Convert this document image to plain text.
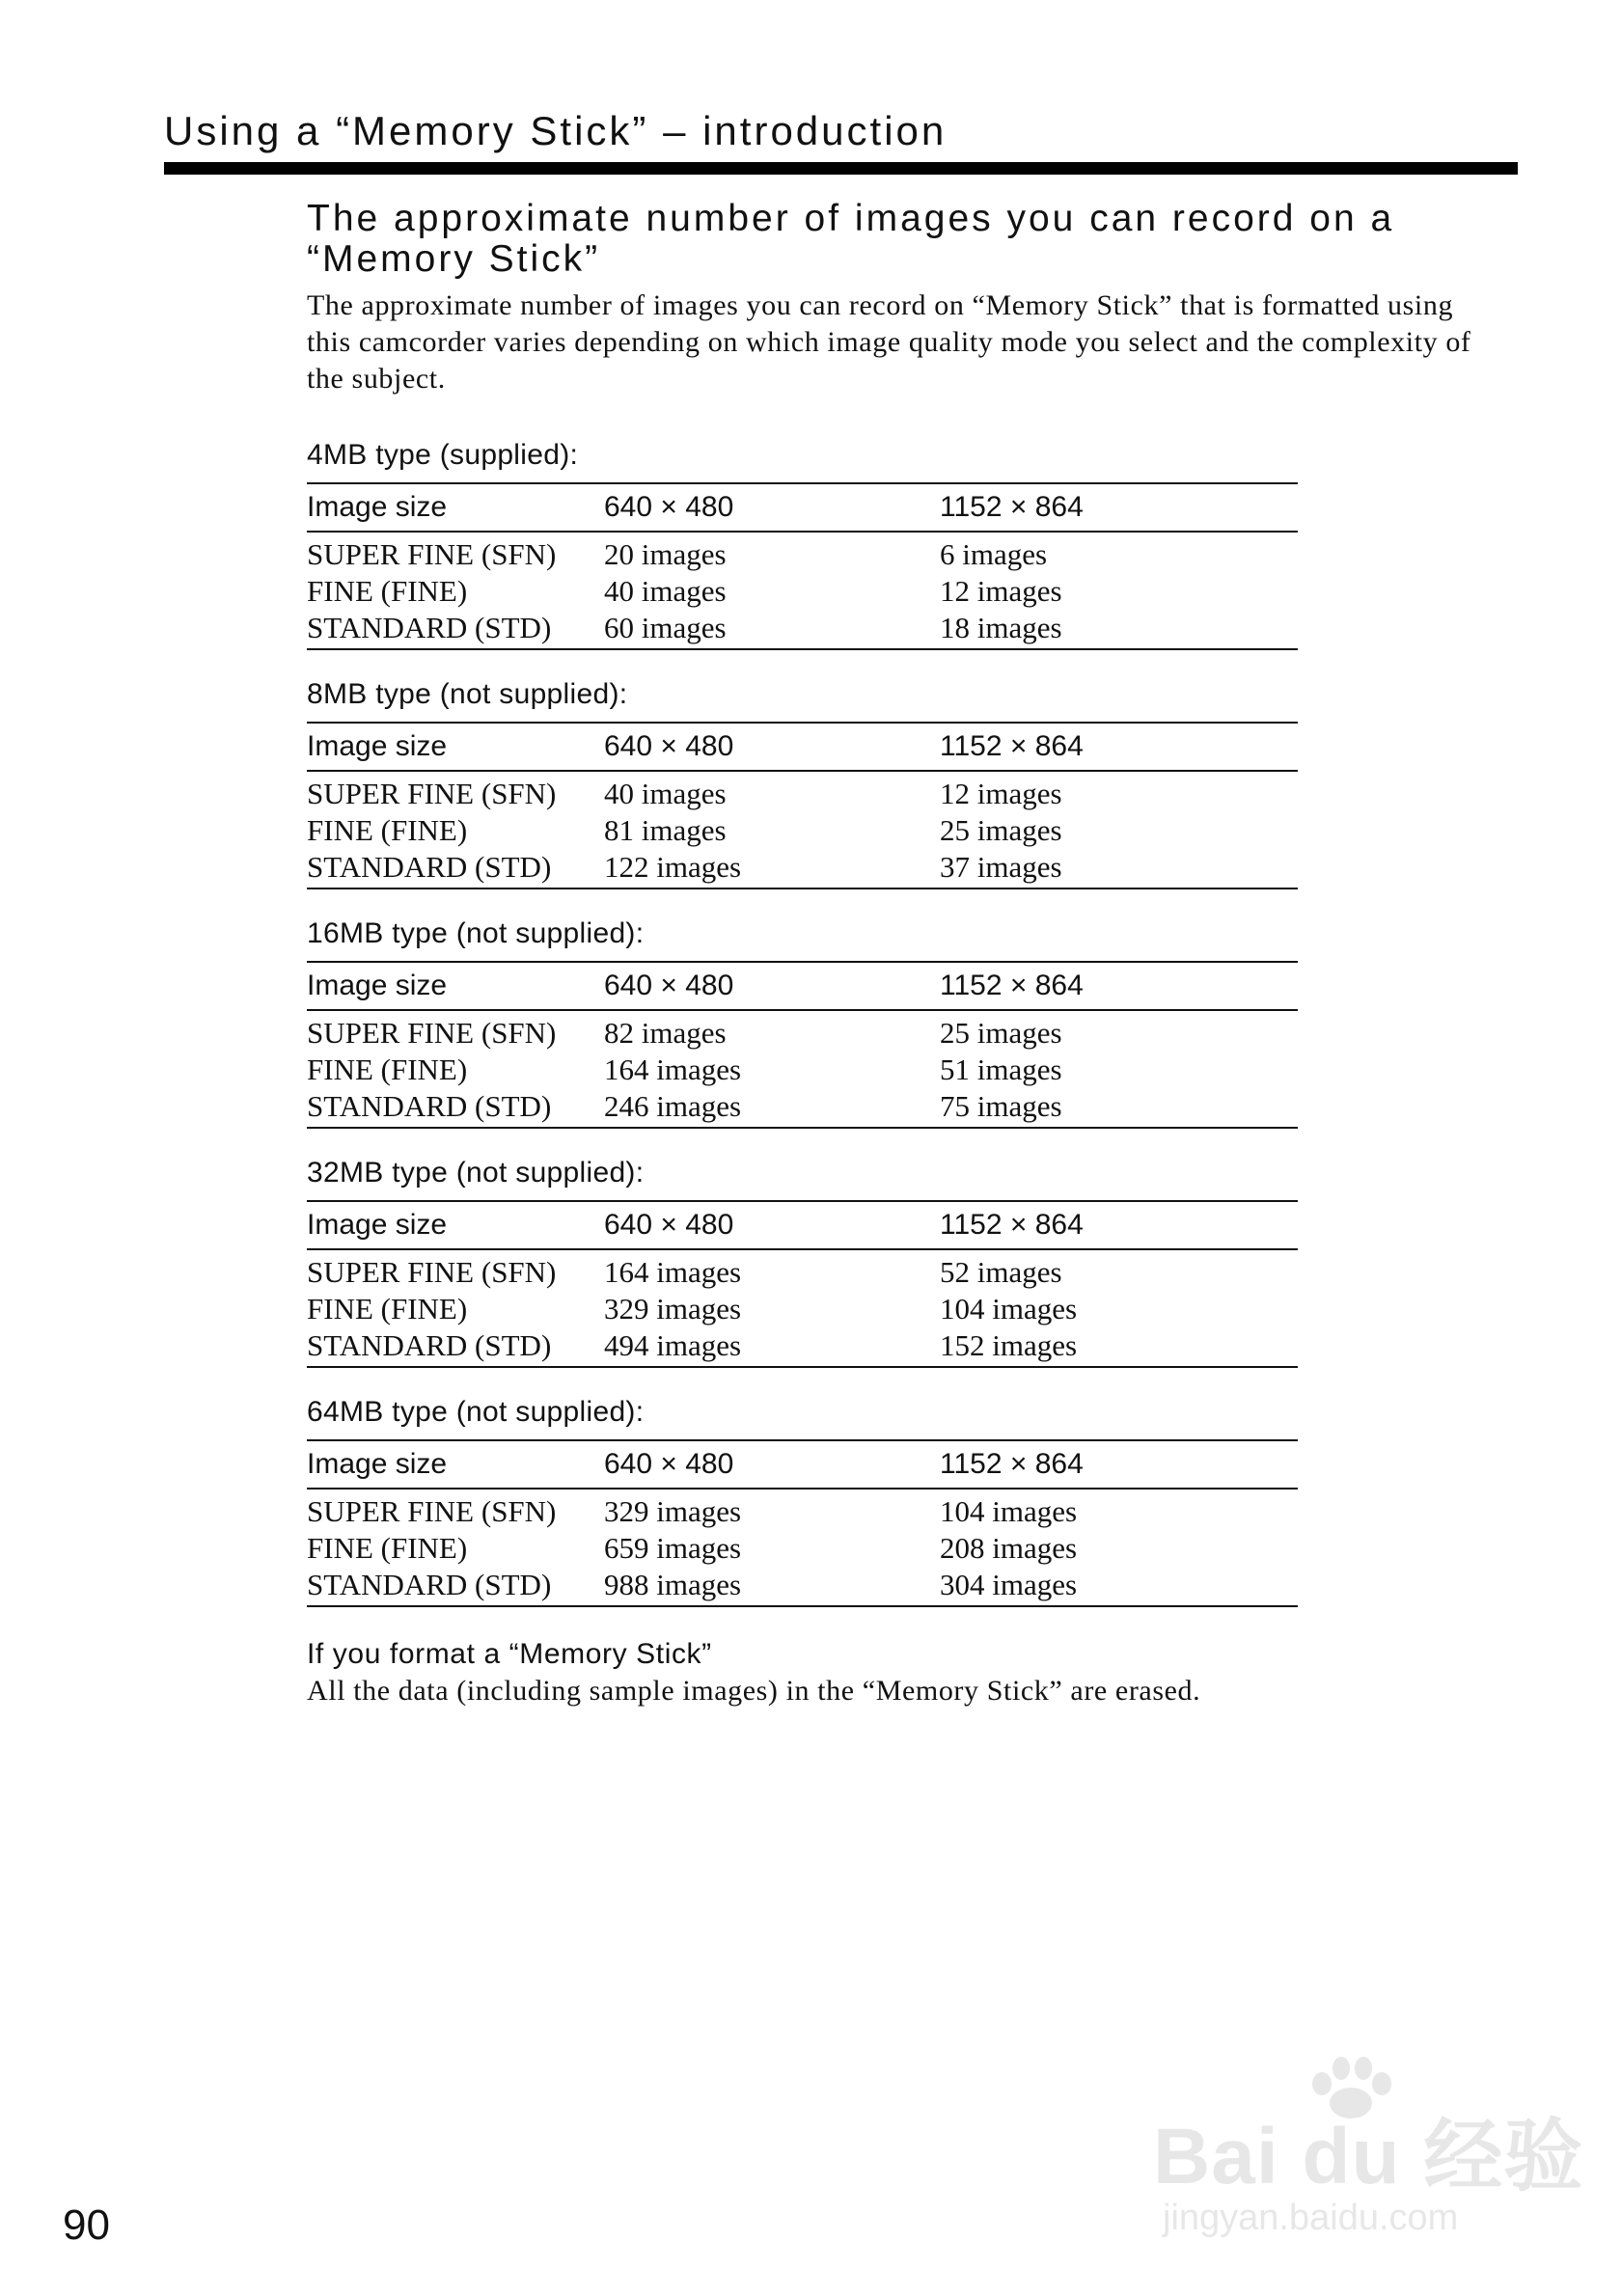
Using a “Memory Stick” – introduction
The approximate number of images you can record on a “Memory Stick”

The approximate number of images you can record on “Memory Stick” that is formatted using this camcorder varies depending on which image quality mode you select and the complexity of the subject.

4MB type (supplied):
Image size	640 × 480	1152 × 864
SUPER FINE (SFN)	20 images	6 images
FINE (FINE)	40 images	12 images
STANDARD (STD)	60 images	18 images
8MB type (not supplied):
Image size	640 × 480	1152 × 864
SUPER FINE (SFN)	40 images	12 images
FINE (FINE)	81 images	25 images
STANDARD (STD)	122 images	37 images
16MB type (not supplied):
Image size	640 × 480	1152 × 864
SUPER FINE (SFN)	82 images	25 images
FINE (FINE)	164 images	51 images
STANDARD (STD)	246 images	75 images
32MB type (not supplied):
Image size	640 × 480	1152 × 864
SUPER FINE (SFN)	164 images	52 images
FINE (FINE)	329 images	104 images
STANDARD (STD)	494 images	152 images
64MB type (not supplied):
Image size	640 × 480	1152 × 864
SUPER FINE (SFN)	329 images	104 images
FINE (FINE)	659 images	208 images
STANDARD (STD)	988 images	304 images
If you format a “Memory Stick”
All the data (including sample images) in the “Memory Stick” are erased.
90
Bai du 经验
jingyan.baidu.com
